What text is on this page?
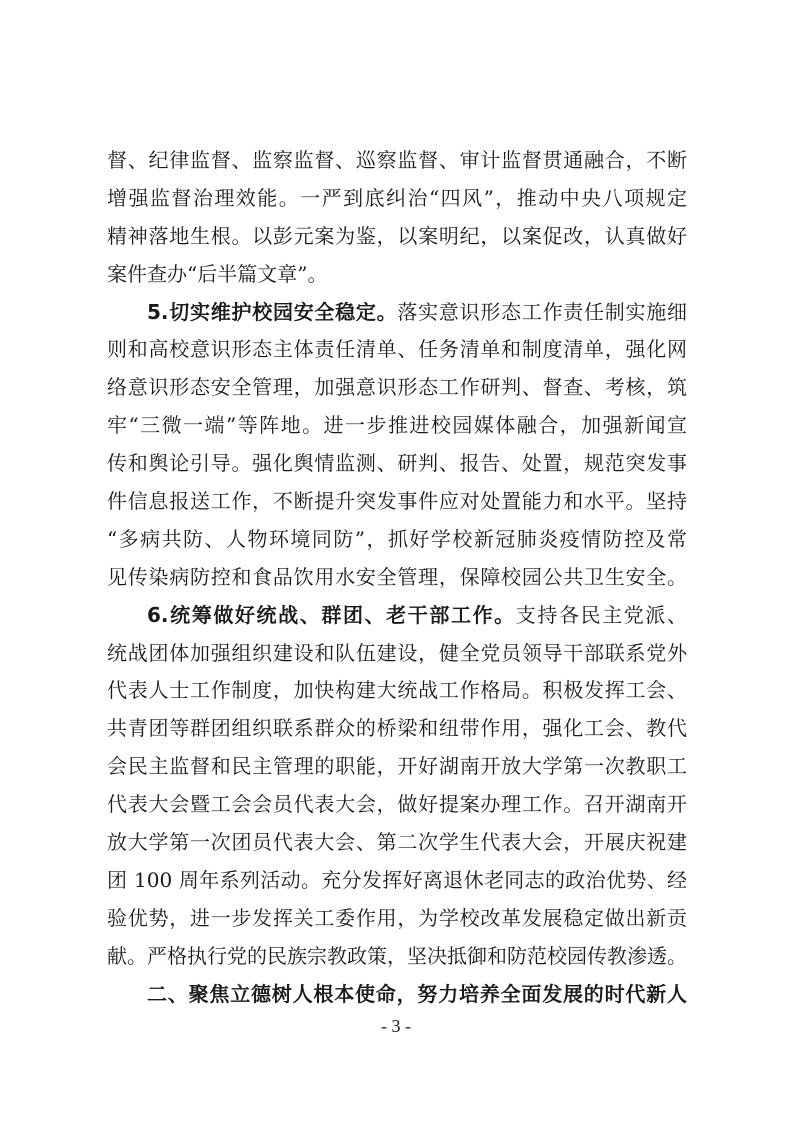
督、纪律监督、监察监督、巡察监督、审计监督贯通融合，不断
增强监督治理效能。一严到底纠治“四风”，推动中央八项规定
精神落地生根。以彭元案为鉴，以案明纪，以案促改，认真做好
案件查办“后半篇文章”。
5.切实维护校园安全稳定。落实意识形态工作责任制实施细
则和高校意识形态主体责任清单、任务清单和制度清单，强化网
络意识形态安全管理，加强意识形态工作研判、督查、考核，筑
牢“三微一端”等阵地。进一步推进校园媒体融合，加强新闻宣
传和舆论引导。强化舆情监测、研判、报告、处置，规范突发事
件信息报送工作，不断提升突发事件应对处置能力和水平。坚持
“多病共防、人物环境同防”，抓好学校新冠肺炎疫情防控及常
见传染病防控和食品饮用水安全管理，保障校园公共卫生安全。
6.统筹做好统战、群团、老干部工作。支持各民主党派、
统战团体加强组织建设和队伍建设，健全党员领导干部联系党外
代表人士工作制度，加快构建大统战工作格局。积极发挥工会、
共青团等群团组织联系群众的桥梁和纽带作用，强化工会、教代
会民主监督和民主管理的职能，开好湖南开放大学第一次教职工
代表大会暨工会会员代表大会，做好提案办理工作。召开湖南开
放大学第一次团员代表大会、第二次学生代表大会，开展庆祝建
团 100 周年系列活动。充分发挥好离退休老同志的政治优势、经
验优势，进一步发挥关工委作用，为学校改革发展稳定做出新贡
献。严格执行党的民族宗教政策，坚决抵御和防范校园传教渗透。
二、聚焦立德树人根本使命，努力培养全面发展的时代新人
- 3 -
